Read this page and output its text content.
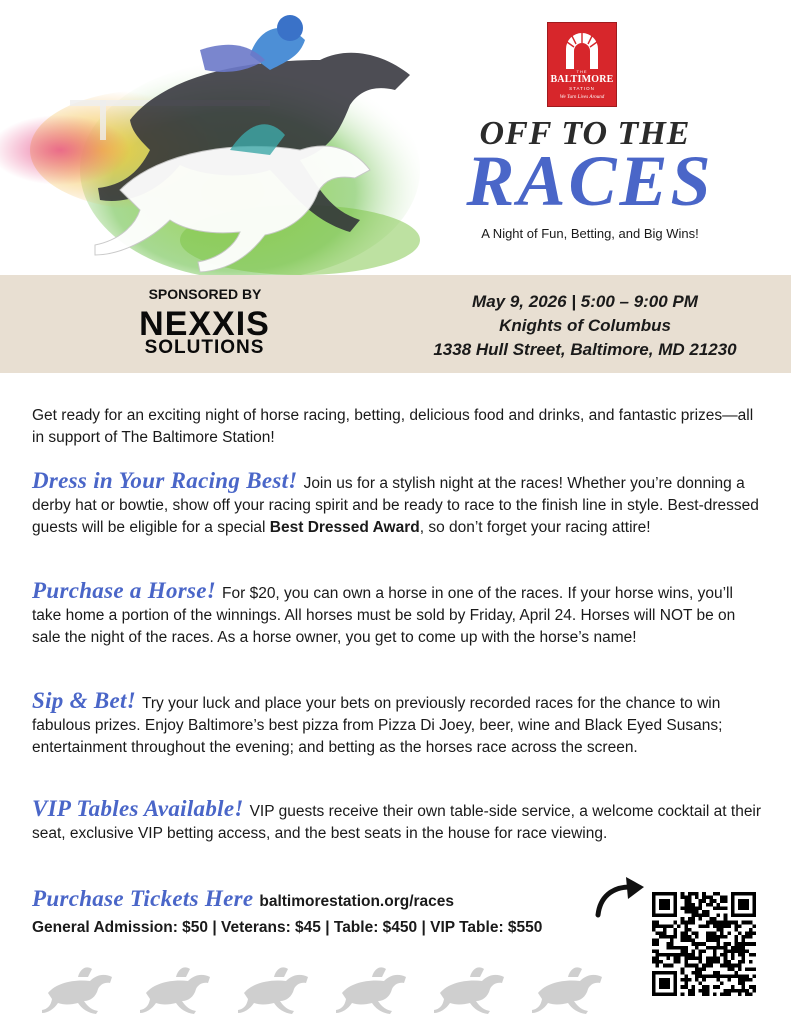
THE
BALTIMORE
STATION
We Turn Lives Around
OFF TO THE
RACES
A Night of Fun, Betting, and Big Wins!
SPONSORED BY
NEXXIS
SOLUTIONS
May 9, 2026 | 5:00 – 9:00 PM
Knights of Columbus
1338 Hull Street, Baltimore, MD 21230
Get ready for an exciting night of horse racing, betting, delicious food and drinks, and fantastic prizes—all in support of The Baltimore Station!
Dress in Your Racing Best! Join us for a stylish night at the races! Whether you’re donning a derby hat or bowtie, show off your racing spirit and be ready to race to the finish line in style. Best-dressed guests will be eligible for a special Best Dressed Award, so don’t forget your racing attire!
Purchase a Horse! For $20, you can own a horse in one of the races. If your horse wins, you’ll take home a portion of the winnings. All horses must be sold by Friday, April 24. Horses will NOT be on sale the night of the races. As a horse owner, you get to come up with the horse’s name!
Sip & Bet! Try your luck and place your bets on previously recorded races for the chance to win fabulous prizes. Enjoy Baltimore’s best pizza from Pizza Di Joey, beer, wine and Black Eyed Susans; entertainment throughout the evening; and betting as the horses race across the screen.
VIP Tables Available! VIP guests receive their own table-side service, a welcome cocktail at their seat, exclusive VIP betting access, and the best seats in the house for race viewing.
Purchase Tickets Here baltimorestation.org/races
General Admission: $50 | Veterans: $45 | Table: $450 | VIP Table: $550
